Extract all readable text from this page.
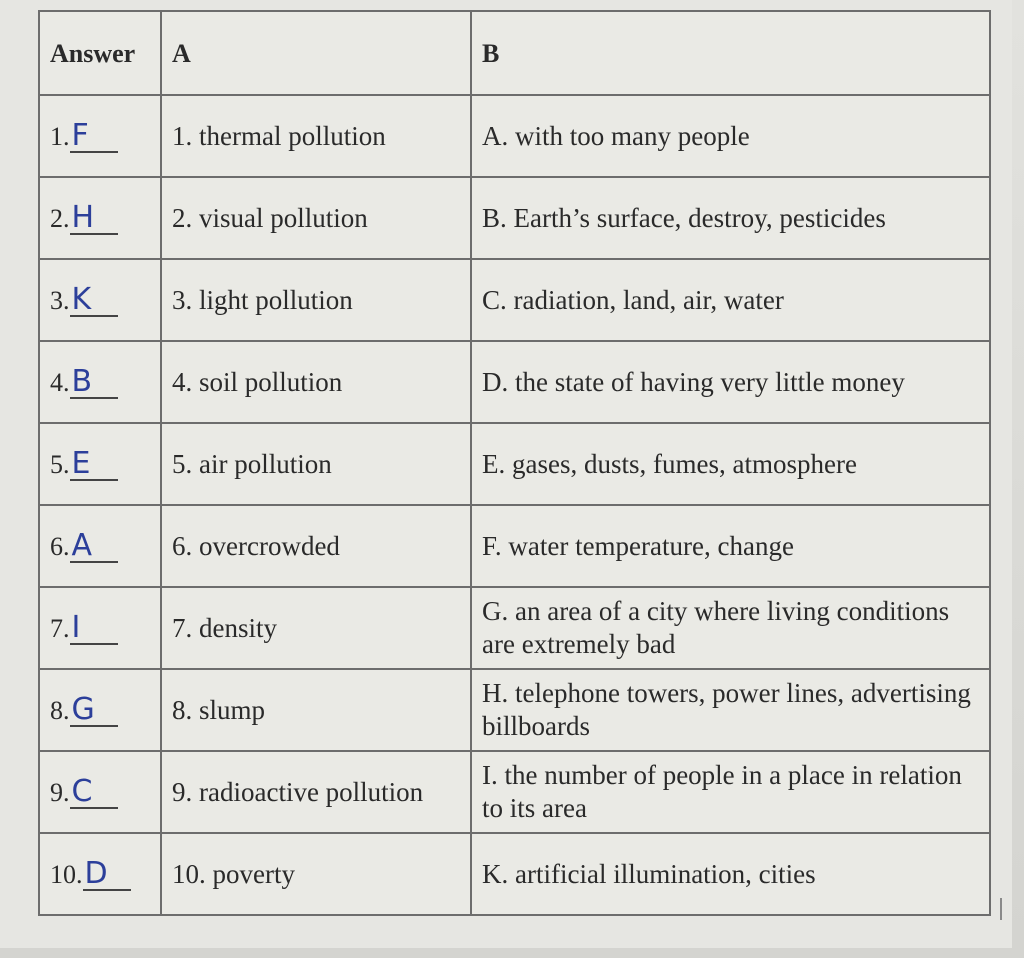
Answer	A	B
1.F	1. thermal pollution	A. with too many people
2.H	2. visual pollution	B. Earth’s surface, destroy, pesticides
3.K	3. light pollution	C. radiation, land, air, water
4.B	4. soil pollution	D. the state of having very little money
5.E	5. air pollution	E. gases, dusts, fumes, atmosphere
6.A	6. overcrowded	F. water temperature, change
7.I	7. density	G. an area of a city where living conditions are extremely bad
8.G	8. slump	H. telephone towers, power lines, advertising billboards
9.C	9. radioactive pollution	I. the number of people in a place in relation to its area
10.D	10. poverty	K. artificial illumination, cities
